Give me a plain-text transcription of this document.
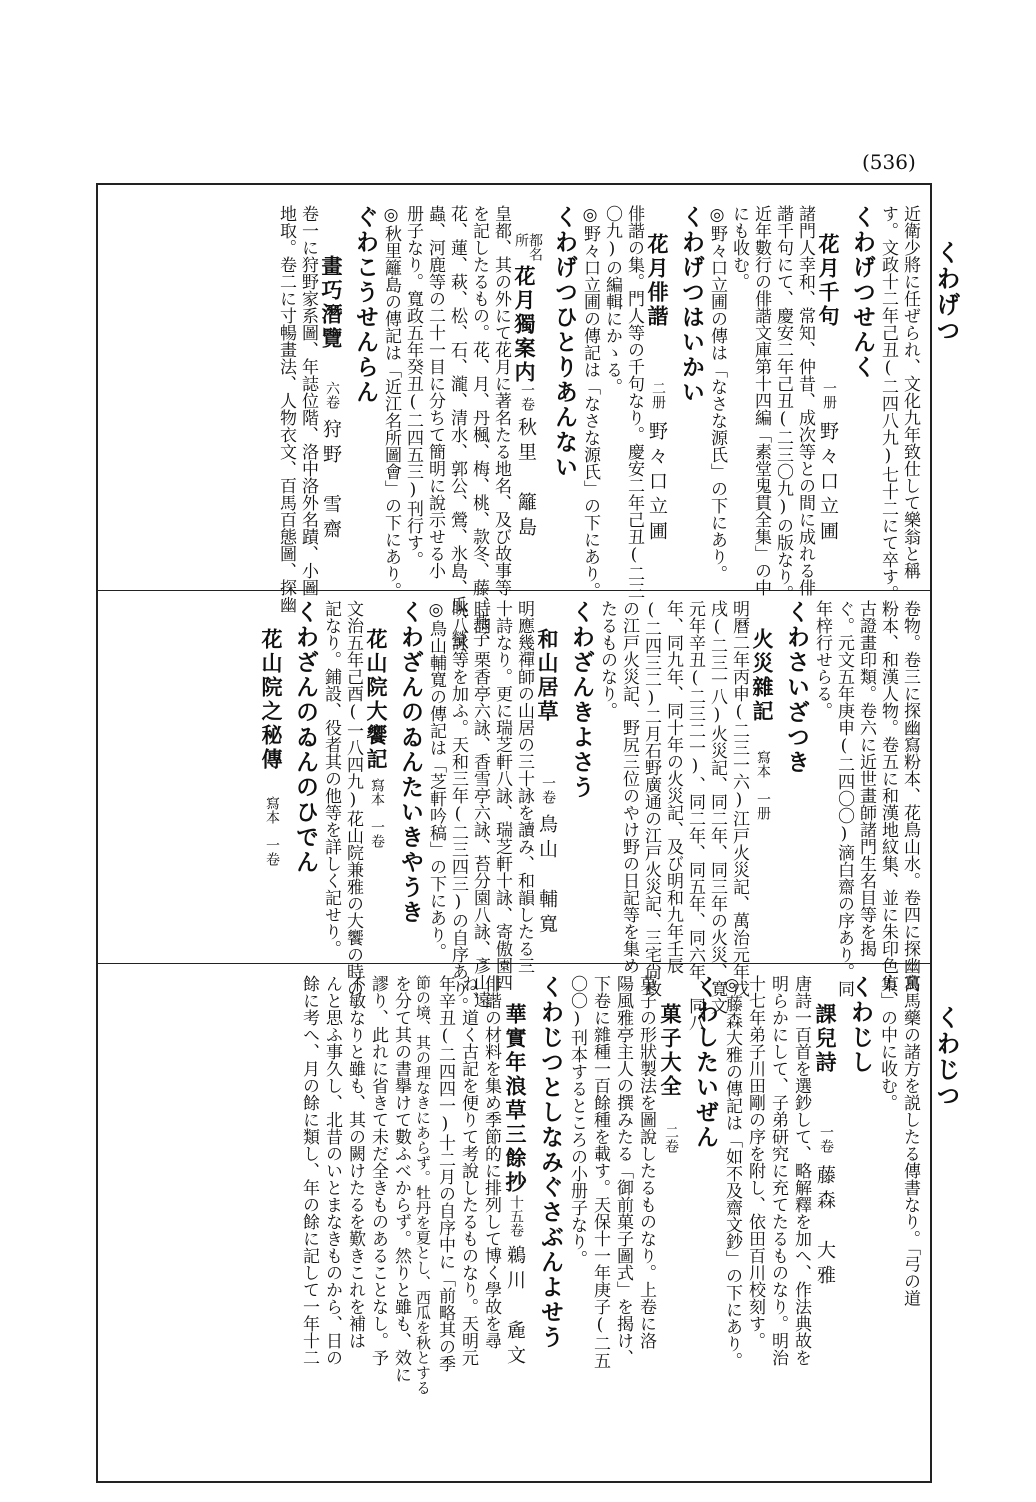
(536)
くわげつ
くわじつ
近衛少將に任ぜられ、文化九年致仕して樂翁と稱
す。文政十二年己丑(二四八九)七十二にて卒す。
くわげつせんく
花月千句
一册
野々口立圃
諸門人幸和、常知、仲昔、成次等との間に成れる俳
諧千句にて、慶安二年己丑(二三〇九)の版なり。
近年數行の俳諧文庫第十四編「素堂鬼貫全集」の中
にも收む。
◎野々口立圃の傳は「なさな源氏」の下にあり。
くわげつはいかい
花月俳諧
二册
野々口立圃
俳諧の集。門人等の千句なり。慶安二年己丑(二三
〇九)の編輯にかゝる。
◎野々口立圃の傳記は「なさな源氏」の下にあり。
くわげつひとりあんない
都名
所
花月獨案内
一卷
秋里　籬島
皇都、其の外にて花月に著名たる地名、及び故事等
を記したるもの。花、月、丹楓、梅、桃、款冬、藤、燕子
花、蓮、萩、松、石、瀧、清水、郭公、鶯、氷島、瓜、螢、
蟲、河鹿等の二十一目に分ちて簡明に說示せる小
册子なり。寬政五年癸丑(二四五三)刊行す。
◎秋里籬島の傳記は「近江名所圖會」の下にあり。
ぐわこうせんらん
畫巧潛覽
六卷
狩野　雪齋
卷一に狩野家系圖、年誌位階、洛中洛外名蹟、小圖
地取。卷二に寸暢畫法、人物衣文、百馬百態圖、探幽
卷物。卷三に探幽寫粉本、花鳥山水。卷四に探幽寫
粉本、和漢人物。卷五に和漢地紋集、並に朱印色方、
古證畫印類。卷六に近世畫師諸門生名目等を揭
ぐ。元文五年庚申(二四〇〇)滴白齋の序あり。同
年梓行せらる。
くわさいざつき
火災雜記
寫本　一册
明曆二年丙申(二三一六)江戸火災記、萬治元年戊
戌(二三一八)火災記、同二年、同三年の火災、寬文
元年辛丑(二三二一)、同二年、同五年、同六年、同八
年、同九年、同十年の火災記、及び明和九年壬辰
(二四三二)二月石野廣通の江戸火災記、三宅尙政
の江戸火災記、野尻三位のやけ野の日記等を集め
たるものなり。
くわざんきよさう
和山居草
一卷
鳥山　輔寬
明應幾禪師の山居の三十詠を讀み、和韻したる三
十詩なり。更に瑞芝軒八詠、瑞芝軒十詠、寄傲園四
時詞、栗香亭六詠、香雪亭六詠、苔分園八詠、彥山遠
眺八詠等を加ふ。天和三年(二三四三)の自序あり。
◎鳥山輔寬の傳記は「芝軒吟稿」の下にあり。
くわざんのゐんたいきやうき
花山院大饗記
寫本　一卷
文治五年己酉(一八四九)花山院兼雅の大饗の時の
記なり。鋪設、役者其の他等を詳しく記せり。
くわざんのゐんのひでん
花山院之秘傳
寫本　一卷
萬馬藥の諸方を説したる傳書なり。「弓の道
集」の中に收む。
くわじし
課兒詩
一卷
藤森　大雅
唐詩一百首を選鈔して、略解釋を加へ、作法典故を
明らかにして、子弟研究に充てたるものなり。明治
十七年弟子川田剛の序を附し、依田百川校刻す。
◎藤森大雅の傳記は「如不及齋文鈔」の下にあり。
くわしたいぜん
菓子大全
二卷
菓子の形狀製法を圖說したるものなり。上卷に洛
陽風雅亭主人の撰みたる「御前菓子圖式」を揭け、
下卷に雜種一百餘種を載す。天保十一年庚子(二五
〇〇)刊本するところの小册子なり。
くわじつとしなみぐさぶんよせう
華實年浪草三餘抄
十五卷
鵜川　麁文
俳諧の材料を集め季節的に排列して博く學故を尋
ね、道く古記を便りて考說したるものなり。天明元
年辛丑(二四四一)十二月の自序中に「前略其の季
節の境、其の理なきにあらず。牡丹を夏とし、西瓜を秋とする
を分て其の書擧けて數ふべからず。然りと雖も、效に
謬り、此れに省きて未だ全きものあることなし。予
不敏なりと雖も、其の闕けたるを歎きこれを補は
んと思ふ事久し、北昔のいとまなきものから、日の
餘に考へ、月の餘に類し、年の餘に記して一年十二
